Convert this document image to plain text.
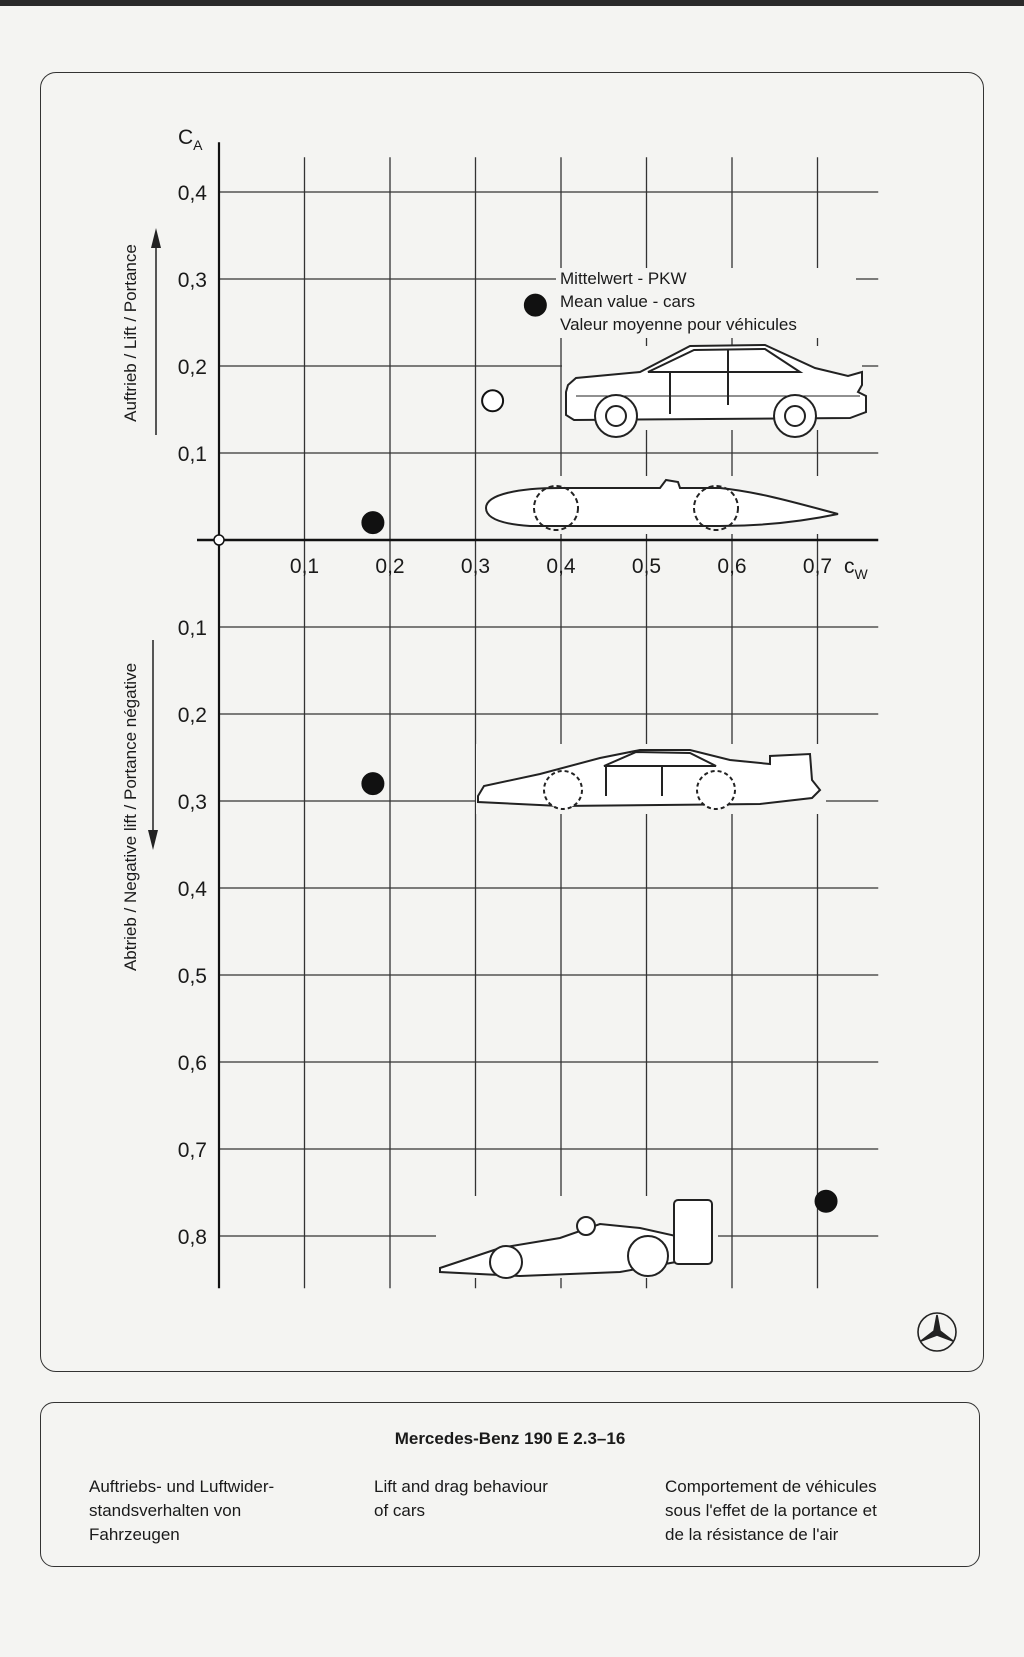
0,1	0,2	0,3	0,4	0,5	0,6	0,7
0,4
0,3
0,2
0,1
0,1
0,2
0,3
0,4
0,5
0,6
0,7
0,8
$C_A$
$c_W$
Auftrieb / Lift / Portance
Abtrieb / Negative lift / Portance négative
Mittelwert - PKW
Mean value - cars
Valeur moyenne pour véhicules
Mercedes-Benz 190 E 2.3–16
Auftriebs- und Luftwider-
standsverhalten von
Fahrzeugen
Lift and drag behaviour
of cars
Comportement de véhicules
sous l'effet de la portance et
de la résistance de l'air
